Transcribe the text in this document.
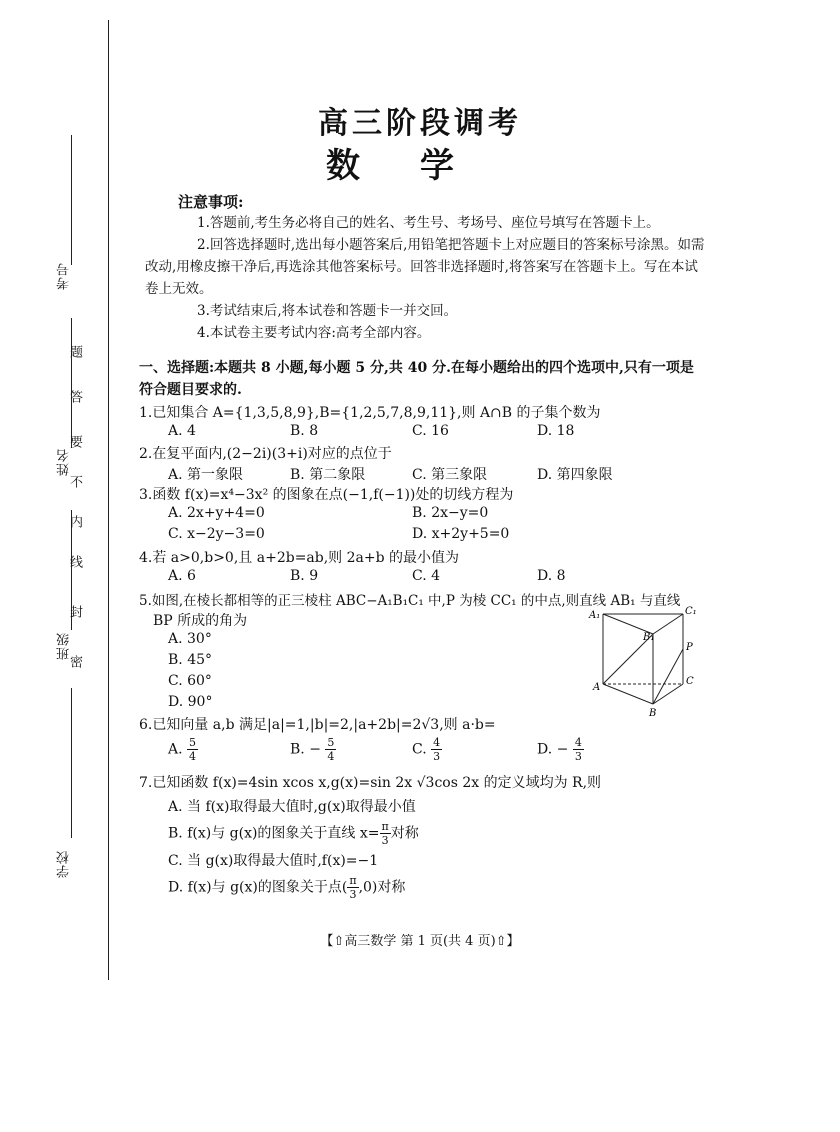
考号
姓名
班级
学校
密
封
线
内
不
要
答
题
高三阶段调考
数学
注意事项:
1.答题前,考生务必将自己的姓名、考生号、考场号、座位号填写在答题卡上。
2.回答选择题时,选出每小题答案后,用铅笔把答题卡上对应题目的答案标号涂黑。如需改动,用橡皮擦干净后,再选涂其他答案标号。回答非选择题时,将答案写在答题卡上。写在本试卷上无效。
3.考试结束后,将本试卷和答题卡一并交回。
4.本试卷主要考试内容:高考全部内容。
一、选择题:本题共 8 小题,每小题 5 分,共 40 分.在每小题给出的四个选项中,只有一项是符合题目要求的.
1.已知集合 A={1,3,5,8,9},B={1,2,5,7,8,9,11},则 A∩B 的子集个数为
A. 4	B. 8	C. 16	D. 18
2.在复平面内,(2−2i)(3+i)对应的点位于
A. 第一象限	B. 第二象限	C. 第三象限	D. 第四象限
3.函数 f(x)=x⁴−3x² 的图象在点(−1,f(−1))处的切线方程为
A. 2x+y+4=0	B. 2x−y=0
C. x−2y−3=0	D. x+2y+5=0
4.若 a>0,b>0,且 a+2b=ab,则 2a+b 的最小值为
A. 6	B. 9	C. 4	D. 8
5.如图,在棱长都相等的正三棱柱 ABC−A₁B₁C₁ 中,P 为棱 CC₁ 的中点,则直线 AB₁ 与直线
BP 所成的角为
A. 30°
B. 45°
C. 60°
D. 90°
A₁	C₁
B₁
P
A
C
B
6.已知向量 a,b 满足|a|=1,|b|=2,|a+2b|=2√3,则 a·b=
A. $\frac{5}{4}$	B. − $\frac{5}{4}$	C. $\frac{4}{3}$	D. − $\frac{4}{3}$
7.已知函数 f(x)=4sin xcos x,g(x)=sin 2x √3cos 2x 的定义域均为 R,则
A. 当 f(x)取得最大值时,g(x)取得最小值
B. f(x)与 g(x)的图象关于直线 $x= \frac{\pi}{3}$ 对称
C. 当 g(x)取得最大值时,f(x)=−1
D. f(x)与 g(x)的图象关于点( $\frac{\pi}{3} ,0$)对称
【⇧高三数学 第 1 页(共 4 页)⇧】
